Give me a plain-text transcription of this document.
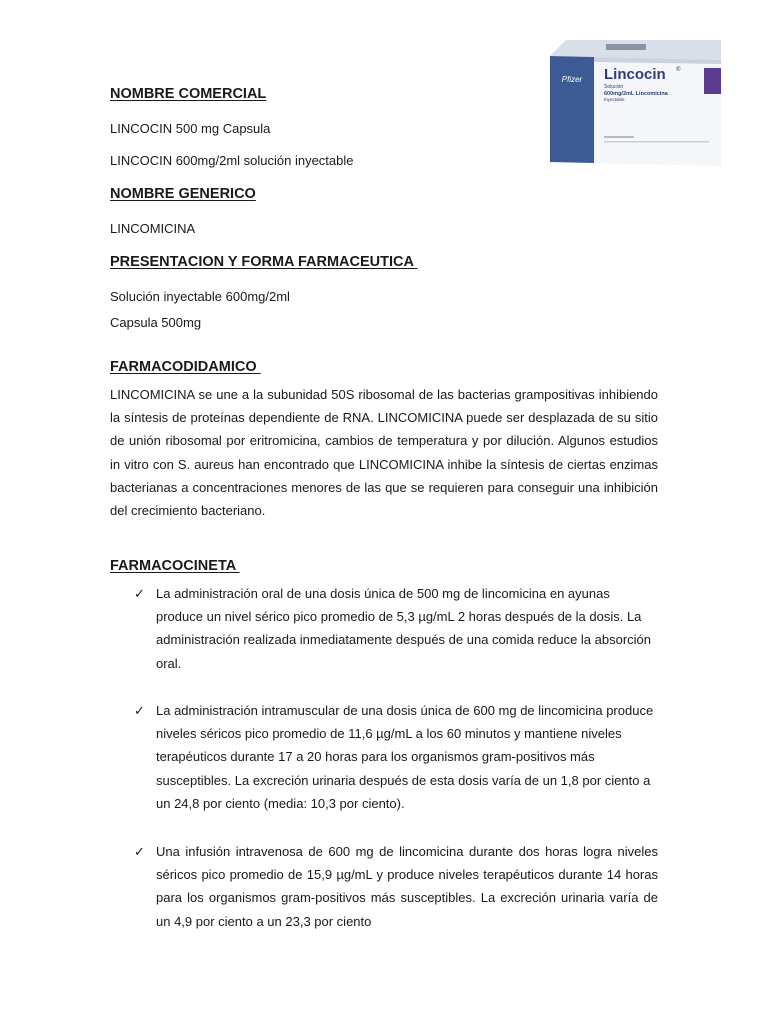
Pfizer Lincocin ®
Solución
600mg/2mL Lincomicina
Inyectable
NOMBRE COMERCIAL
LINCOCIN 500 mg Capsula
LINCOCIN 600mg/2ml solución inyectable
NOMBRE GENERICO
LINCOMICINA
PRESENTACION Y FORMA FARMACEUTICA
Solución inyectable 600mg/2ml
Capsula 500mg
FARMACODIDAMICO

LINCOMICINA se une a la subunidad 50S ribosomal de las bacterias grampositivas inhibiendo la síntesis de proteínas dependiente de RNA. LINCOMICINA puede ser desplazada de su sitio de unión ribosomal por eritromicina, cambios de temperatura y por dilución. Algunos estudios in vitro con S. aureus han encontrado que LINCOMICINA inhibe la síntesis de ciertas enzimas bacterianas a concentraciones menores de las que se requieren para conseguir una inhibición del crecimiento bacteriano.

FARMACOCINETA
✓ La administración oral de una dosis única de 500 mg de lincomicina en ayunas produce un nivel sérico pico promedio de 5,3 µg/mL 2 horas después de la dosis. La administración realizada inmediatamente después de una comida reduce la absorción oral.
✓ La administración intramuscular de una dosis única de 600 mg de lincomicina produce niveles séricos pico promedio de 11,6 µg/mL a los 60 minutos y mantiene niveles terapéuticos durante 17 a 20 horas para los organismos gram-positivos más susceptibles. La excreción urinaria después de esta dosis varía de un 1,8 por ciento a un 24,8 por ciento (media: 10,3 por ciento).
✓ Una infusión intravenosa de 600 mg de lincomicina durante dos horas logra niveles séricos pico promedio de 15,9 µg/mL y produce niveles terapéuticos durante 14 horas para los organismos gram-positivos más susceptibles. La excreción urinaria varía de un 4,9 por ciento a un 23,3 por ciento
